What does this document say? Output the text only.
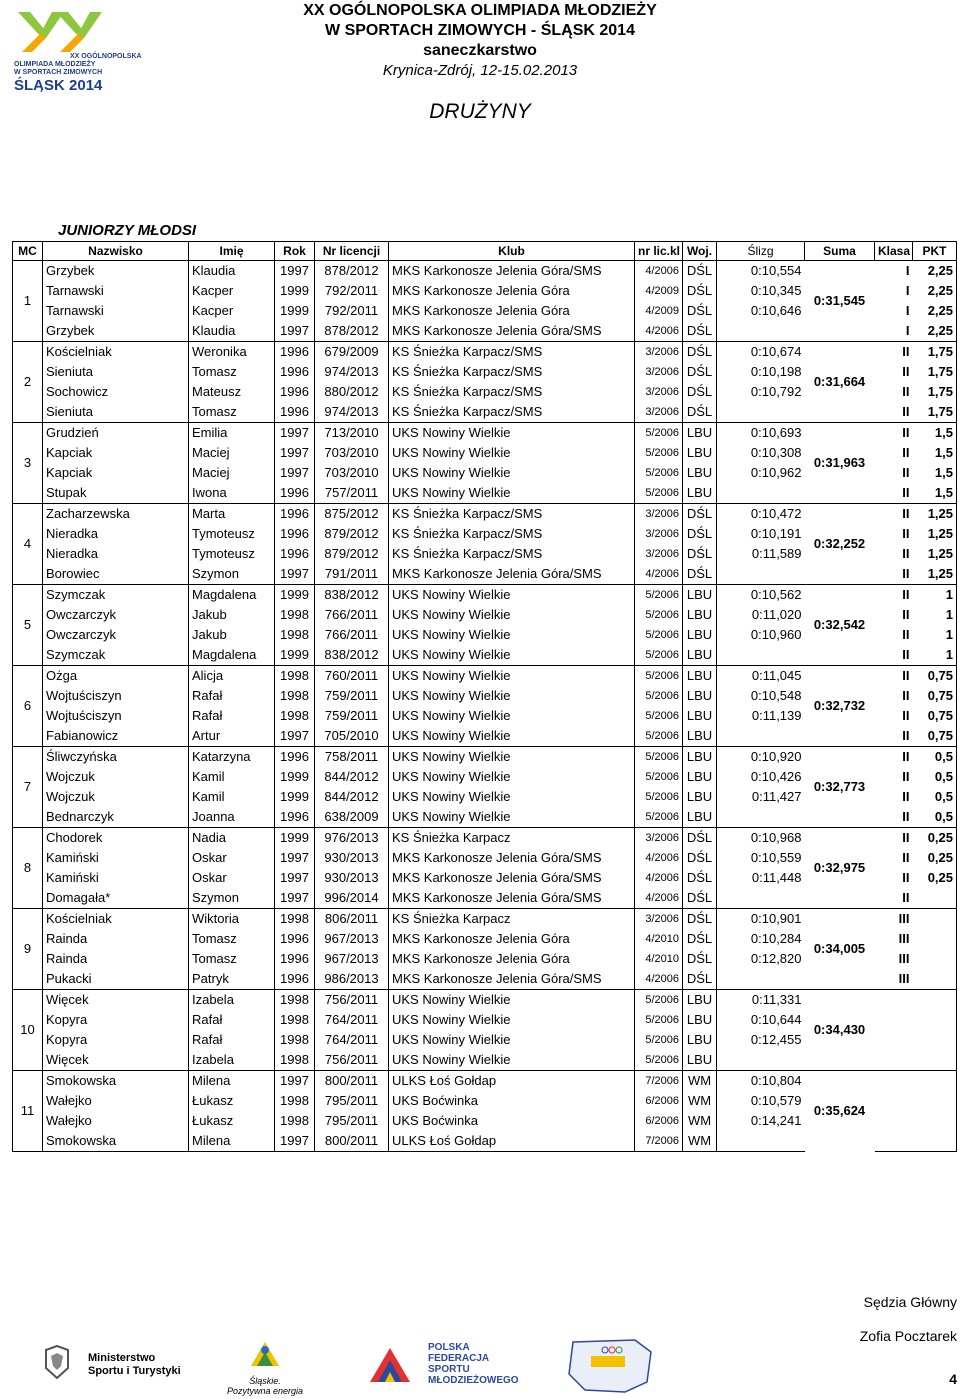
XX OGÓLNOPOLSKA
OLIMPIADA MŁODZIEŻY
W SPORTACH ZIMOWYCH
ŚLĄSK 2014
XX OGÓLNOPOLSKA OLIMPIADA MŁODZIEŻY
W SPORTACH ZIMOWYCH - ŚLĄSK 2014
saneczkarstwo
Krynica-Zdrój, 12-15.02.2013
DRUŻYNY
JUNIORZY MŁODSI
MC	Nazwisko	Imię	Rok	Nr licencji	Klub	nr lic.kl	Woj.	Ślizg	Suma	Klasa	PKT
1	Grzybek	Klaudia	1997	878/2012	MKS Karkonosze Jelenia Góra/SMS	4/2006	DŚL	0:10,554	0:31,545	I	2,25
	Tarnawski	Kacper	1999	792/2011	MKS Karkonosze Jelenia Góra	4/2009	DŚL	0:10,345		I	2,25
	Tarnawski	Kacper	1999	792/2011	MKS Karkonosze Jelenia Góra	4/2009	DŚL	0:10,646		I	2,25
	Grzybek	Klaudia	1997	878/2012	MKS Karkonosze Jelenia Góra/SMS	4/2006	DŚL			I	2,25
2	Kościelniak	Weronika	1996	679/2009	KS Śnieżka Karpacz/SMS	3/2006	DŚL	0:10,674	0:31,664	II	1,75
	Sieniuta	Tomasz	1996	974/2013	KS Śnieżka Karpacz/SMS	3/2006	DŚL	0:10,198		II	1,75
	Sochowicz	Mateusz	1996	880/2012	KS Śnieżka Karpacz/SMS	3/2006	DŚL	0:10,792		II	1,75
	Sieniuta	Tomasz	1996	974/2013	KS Śnieżka Karpacz/SMS	3/2006	DŚL			II	1,75
3	Grudzień	Emilia	1997	713/2010	UKS Nowiny Wielkie	5/2006	LBU	0:10,693	0:31,963	II	1,5
	Kapciak	Maciej	1997	703/2010	UKS Nowiny Wielkie	5/2006	LBU	0:10,308		II	1,5
	Kapciak	Maciej	1997	703/2010	UKS Nowiny Wielkie	5/2006	LBU	0:10,962		II	1,5
	Stupak	Iwona	1996	757/2011	UKS Nowiny Wielkie	5/2006	LBU			II	1,5
4	Zacharzewska	Marta	1996	875/2012	KS Śnieżka Karpacz/SMS	3/2006	DŚL	0:10,472	0:32,252	II	1,25
	Nieradka	Tymoteusz	1996	879/2012	KS Śnieżka Karpacz/SMS	3/2006	DŚL	0:10,191		II	1,25
	Nieradka	Tymoteusz	1996	879/2012	KS Śnieżka Karpacz/SMS	3/2006	DŚL	0:11,589		II	1,25
	Borowiec	Szymon	1997	791/2011	MKS Karkonosze Jelenia Góra/SMS	4/2006	DŚL			II	1,25
5	Szymczak	Magdalena	1999	838/2012	UKS Nowiny Wielkie	5/2006	LBU	0:10,562	0:32,542	II	1
	Owczarczyk	Jakub	1998	766/2011	UKS Nowiny Wielkie	5/2006	LBU	0:11,020		II	1
	Owczarczyk	Jakub	1998	766/2011	UKS Nowiny Wielkie	5/2006	LBU	0:10,960		II	1
	Szymczak	Magdalena	1999	838/2012	UKS Nowiny Wielkie	5/2006	LBU			II	1
6	Ożga	Alicja	1998	760/2011	UKS Nowiny Wielkie	5/2006	LBU	0:11,045	0:32,732	II	0,75
	Wojtuściszyn	Rafał	1998	759/2011	UKS Nowiny Wielkie	5/2006	LBU	0:10,548		II	0,75
	Wojtuściszyn	Rafał	1998	759/2011	UKS Nowiny Wielkie	5/2006	LBU	0:11,139		II	0,75
	Fabianowicz	Artur	1997	705/2010	UKS Nowiny Wielkie	5/2006	LBU			II	0,75
7	Śliwczyńska	Katarzyna	1996	758/2011	UKS Nowiny Wielkie	5/2006	LBU	0:10,920	0:32,773	II	0,5
	Wojczuk	Kamil	1999	844/2012	UKS Nowiny Wielkie	5/2006	LBU	0:10,426		II	0,5
	Wojczuk	Kamil	1999	844/2012	UKS Nowiny Wielkie	5/2006	LBU	0:11,427		II	0,5
	Bednarczyk	Joanna	1996	638/2009	UKS Nowiny Wielkie	5/2006	LBU			II	0,5
8	Chodorek	Nadia	1999	976/2013	KS Śnieżka Karpacz	3/2006	DŚL	0:10,968	0:32,975	II	0,25
	Kamiński	Oskar	1997	930/2013	MKS Karkonosze Jelenia Góra/SMS	4/2006	DŚL	0:10,559		II	0,25
	Kamiński	Oskar	1997	930/2013	MKS Karkonosze Jelenia Góra/SMS	4/2006	DŚL	0:11,448		II	0,25
	Domagała*	Szymon	1997	996/2014	MKS Karkonosze Jelenia Góra/SMS	4/2006	DŚL			II	
9	Kościelniak	Wiktoria	1998	806/2011	KS Śnieżka Karpacz	3/2006	DŚL	0:10,901	0:34,005	III	
	Rainda	Tomasz	1996	967/2013	MKS Karkonosze Jelenia Góra	4/2010	DŚL	0:10,284		III	
	Rainda	Tomasz	1996	967/2013	MKS Karkonosze Jelenia Góra	4/2010	DŚL	0:12,820		III	
	Pukacki	Patryk	1996	986/2013	MKS Karkonosze Jelenia Góra/SMS	4/2006	DŚL			III	
10	Więcek	Izabela	1998	756/2011	UKS Nowiny Wielkie	5/2006	LBU	0:11,331	0:34,430		
	Kopyra	Rafał	1998	764/2011	UKS Nowiny Wielkie	5/2006	LBU	0:10,644			
	Kopyra	Rafał	1998	764/2011	UKS Nowiny Wielkie	5/2006	LBU	0:12,455			
	Więcek	Izabela	1998	756/2011	UKS Nowiny Wielkie	5/2006	LBU				
11	Smokowska	Milena	1997	800/2011	ULKS Łoś Gołdap	7/2006	WM	0:10,804	0:35,624		
	Wałejko	Łukasz	1998	795/2011	UKS Boćwinka	6/2006	WM	0:10,579			
	Wałejko	Łukasz	1998	795/2011	UKS Boćwinka	6/2006	WM	0:14,241			
	Smokowska	Milena	1997	800/2011	ULKS Łoś Gołdap	7/2006	WM				
Sędzia Główny
Zofia Pocztarek
4
Ministerstwo Sportu i Turystyki
Śląskie.
Pozytywna energia
POLSKA FEDERACJA SPORTU MŁODZIEŻOWEGO
